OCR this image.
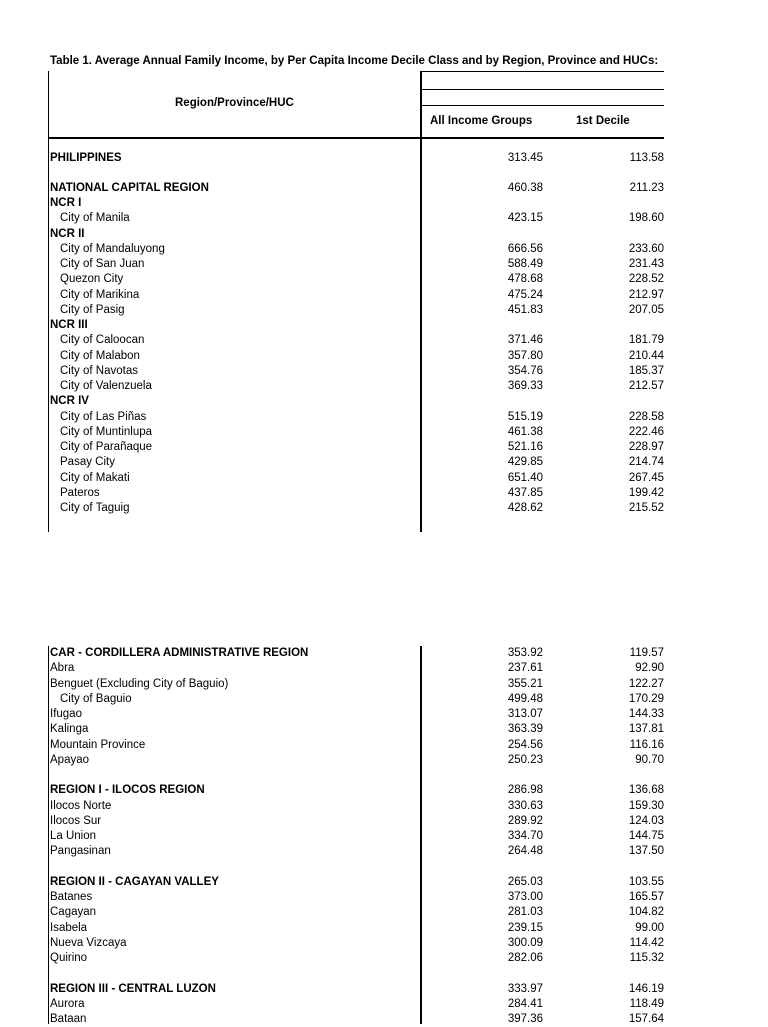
Table 1. Average Annual Family Income, by Per Capita Income Decile Class and by Region, Province and HUCs:
Region/Province/HUC
All Income Groups	1st Decile
PHILIPPINES	313.45	113.58
NATIONAL CAPITAL REGION	460.38	211.23
NCR I
City of Manila	423.15	198.60
NCR II
City of Mandaluyong	666.56	233.60
City of San Juan	588.49	231.43
Quezon City	478.68	228.52
City of Marikina	475.24	212.97
City of Pasig	451.83	207.05
NCR III
City of Caloocan	371.46	181.79
City of Malabon	357.80	210.44
City of Navotas	354.76	185.37
City of Valenzuela	369.33	212.57
NCR IV
City of Las Piñas	515.19	228.58
City of Muntinlupa	461.38	222.46
City of Parañaque	521.16	228.97
Pasay City	429.85	214.74
City of Makati	651.40	267.45
Pateros	437.85	199.42
City of Taguig	428.62	215.52
CAR - CORDILLERA ADMINISTRATIVE REGION	353.92	119.57
Abra	237.61	92.90
Benguet (Excluding City of Baguio)	355.21	122.27
City of Baguio	499.48	170.29
Ifugao	313.07	144.33
Kalinga	363.39	137.81
Mountain Province	254.56	116.16
Apayao	250.23	90.70
REGION I - ILOCOS REGION	286.98	136.68
Ilocos Norte	330.63	159.30
Ilocos Sur	289.92	124.03
La Union	334.70	144.75
Pangasinan	264.48	137.50
REGION II - CAGAYAN VALLEY	265.03	103.55
Batanes	373.00	165.57
Cagayan	281.03	104.82
Isabela	239.15	99.00
Nueva Vizcaya	300.09	114.42
Quirino	282.06	115.32
REGION III - CENTRAL LUZON	333.97	146.19
Aurora	284.41	118.49
Bataan	397.36	157.64
